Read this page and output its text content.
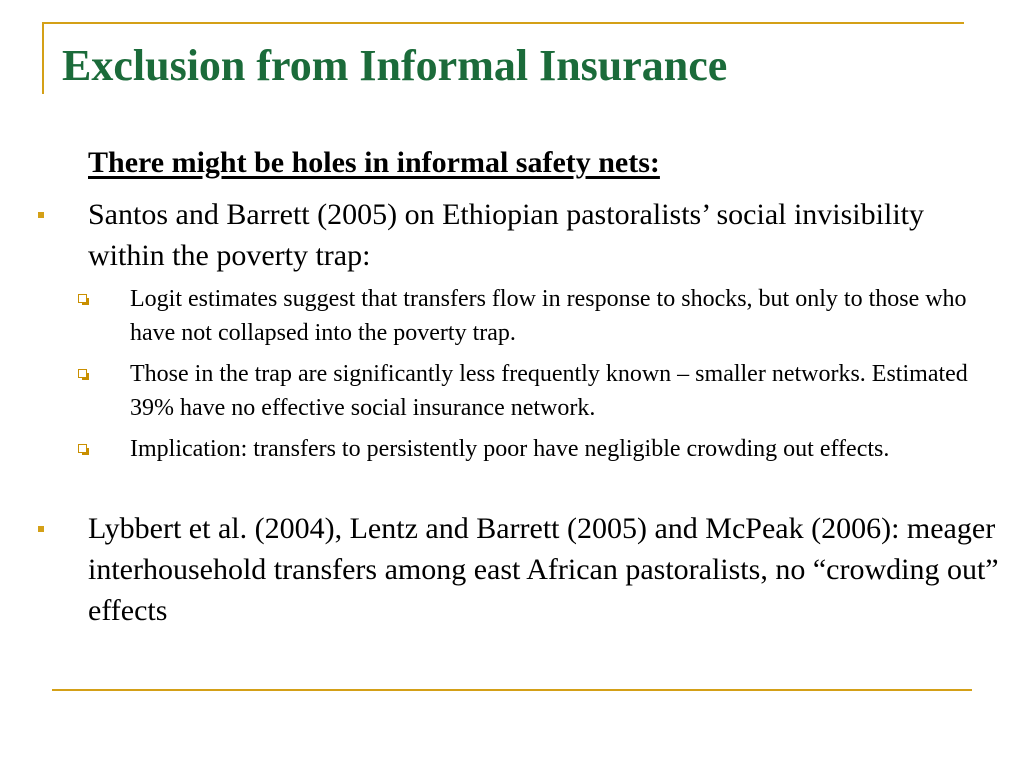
Exclusion from Informal Insurance

There might be holes in informal safety nets:

Santos and Barrett (2005) on Ethiopian pastoralists’ social invisibility within the poverty trap:

Logit estimates suggest that transfers flow in response to shocks, but only to those who have not collapsed into the poverty trap.

Those in the trap are significantly less frequently known – smaller networks. Estimated 39% have no effective social insurance network.

Implication: transfers to persistently poor have negligible crowding out effects.

Lybbert et al. (2004), Lentz and Barrett (2005) and McPeak (2006): meager interhousehold transfers among east African pastoralists, no “crowding out” effects
